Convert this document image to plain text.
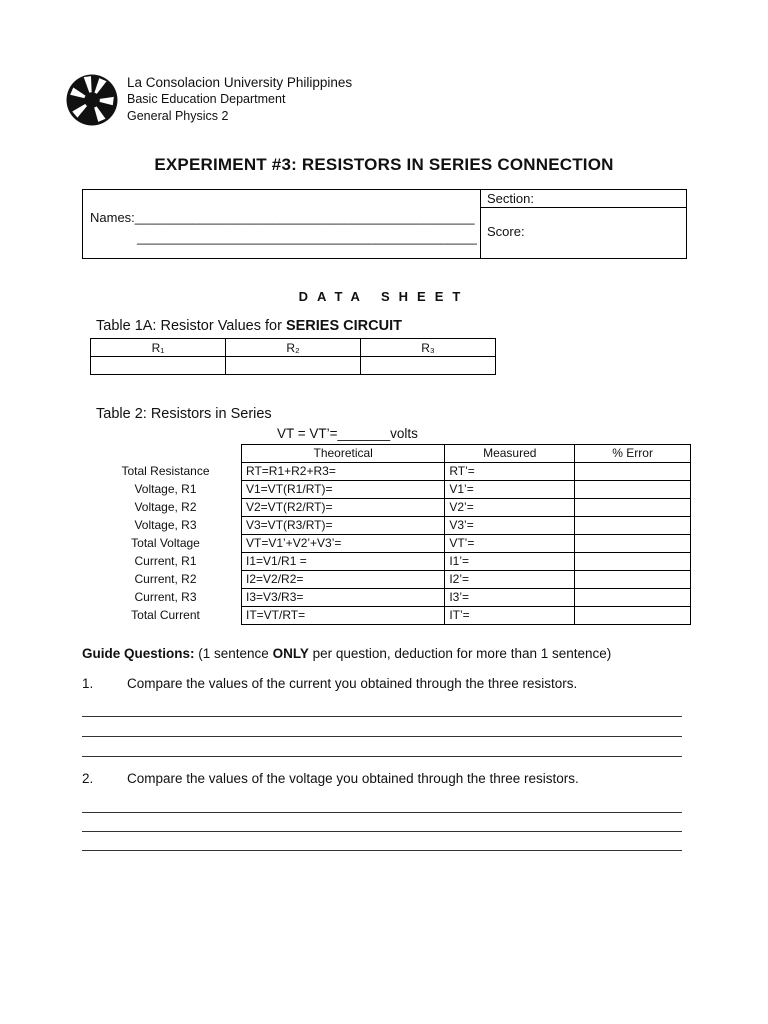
La Consolacion University Philippines
Basic Education Department
General Physics 2
EXPERIMENT #3: RESISTORS IN SERIES CONNECTION
Names:_______________________________________________
_______________________________________________
	Section:
Score:
DATA SHEET
Table 1A: Resistor Values for SERIES CIRCUIT
R₁	R₂	R₃

Table 2: Resistors in Series
VT = VT’=_______volts
	Theoretical	Measured	% Error
Total Resistance	RT=R1+R2+R3=	RT’=	
Voltage, R1	V1=VT(R1/RT)=	V1’=	
Voltage, R2	V2=VT(R2/RT)=	V2’=	
Voltage, R3	V3=VT(R3/RT)=	V3’=	
Total Voltage	VT=V1’+V2’+V3’=	VT’=	
Current, R1	I1=V1/R1 =	I1’=	
Current, R2	I2=V2/R2=	I2’=	
Current, R3	I3=V3/R3=	I3’=	
Total Current	IT=VT/RT=	IT’=	
Guide Questions: (1 sentence ONLY per question, deduction for more than 1 sentence)
1. Compare the values of the current you obtained through the three resistors.
2. Compare the values of the voltage you obtained through the three resistors.
